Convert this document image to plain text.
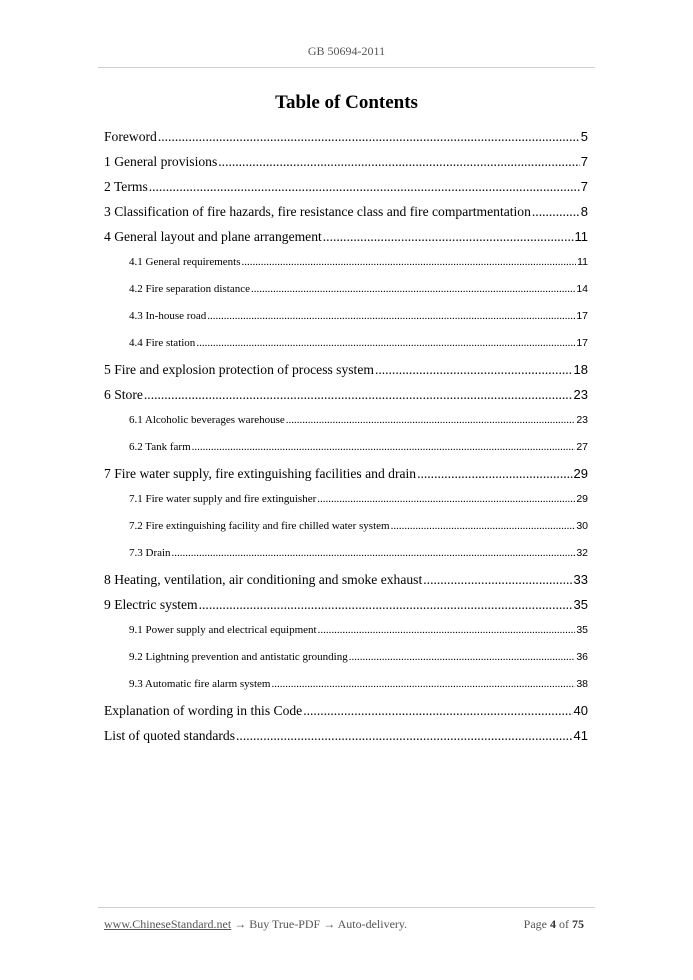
GB 50694-2011
Table of Contents
Foreword .....	5
1 General provisions .....	7
2 Terms .....	7
3 Classification of fire hazards, fire resistance class and fire compartmentation .....	8
4 General layout and plane arrangement .....	11
4.1 General requirements .....	11
4.2 Fire separation distance .....	14
4.3 In-house road .....	17
4.4 Fire station .....	17
5 Fire and explosion protection of process system .....	18
6 Store .....	23
6.1 Alcoholic beverages warehouse .....	23
6.2 Tank farm .....	27
7 Fire water supply, fire extinguishing facilities and drain .....	29
7.1 Fire water supply and fire extinguisher .....	29
7.2 Fire extinguishing facility and fire chilled water system .....	30
7.3 Drain .....	32
8 Heating, ventilation, air conditioning and smoke exhaust .....	33
9 Electric system .....	35
9.1 Power supply and electrical equipment .....	35
9.2 Lightning prevention and antistatic grounding .....	36
9.3 Automatic fire alarm system .....	38
Explanation of wording in this Code .....	40
List of quoted standards .....	41
www.ChineseStandard.net → Buy True-PDF → Auto-delivery.	Page 4 of 75
